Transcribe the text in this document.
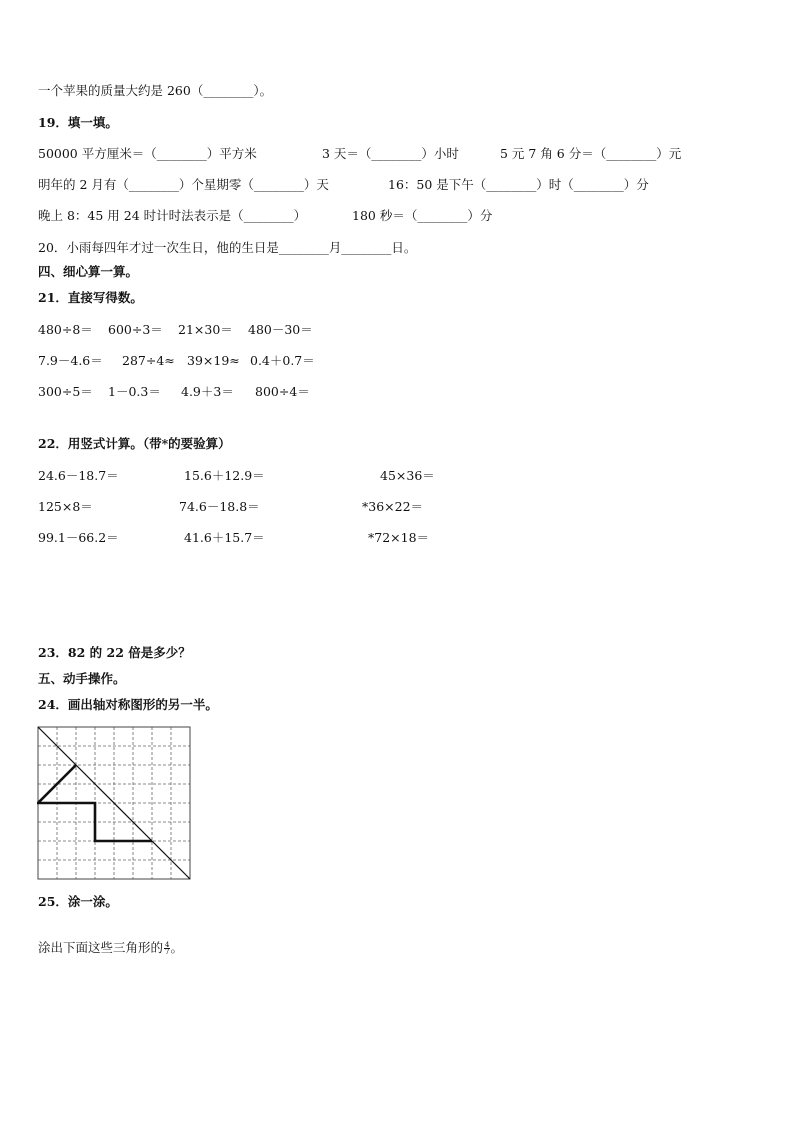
一个苹果的质量大约是 260（________）。
19．填一填。
50000 平方厘米＝（________）平方米	3 天＝（________）小时	5 元 7 角 6 分＝（________）元
明年的 2 月有（________）个星期零（________）天	16：50 是下午（________）时（________）分
晚上 8：45 用 24 时计时法表示是（________）	180 秒＝（________）分
20．小雨每四年才过一次生日，他的生日是________月________日。
四、细心算一算。
21．直接写得数。
480÷8＝ 600÷3＝ 21×30＝ 480－30＝
7.9－4.6＝ 287÷4≈ 39×19≈ 0.4＋0.7＝
300÷5＝ 1－0.3＝ 4.9＋3＝ 800÷4＝
22．用竖式计算。（带*的要验算）
24.6－18.7＝	15.6＋12.9＝	45×36＝
125×8＝	74.6－18.8＝	*36×22＝
99.1－66.2＝	41.6＋15.7＝	*72×18＝
23．82 的 22 倍是多少？
五、动手操作。
24．画出轴对称图形的另一半。
25．涂一涂。
涂出下面这些三角形的 $\frac{4}{7}$ 。
